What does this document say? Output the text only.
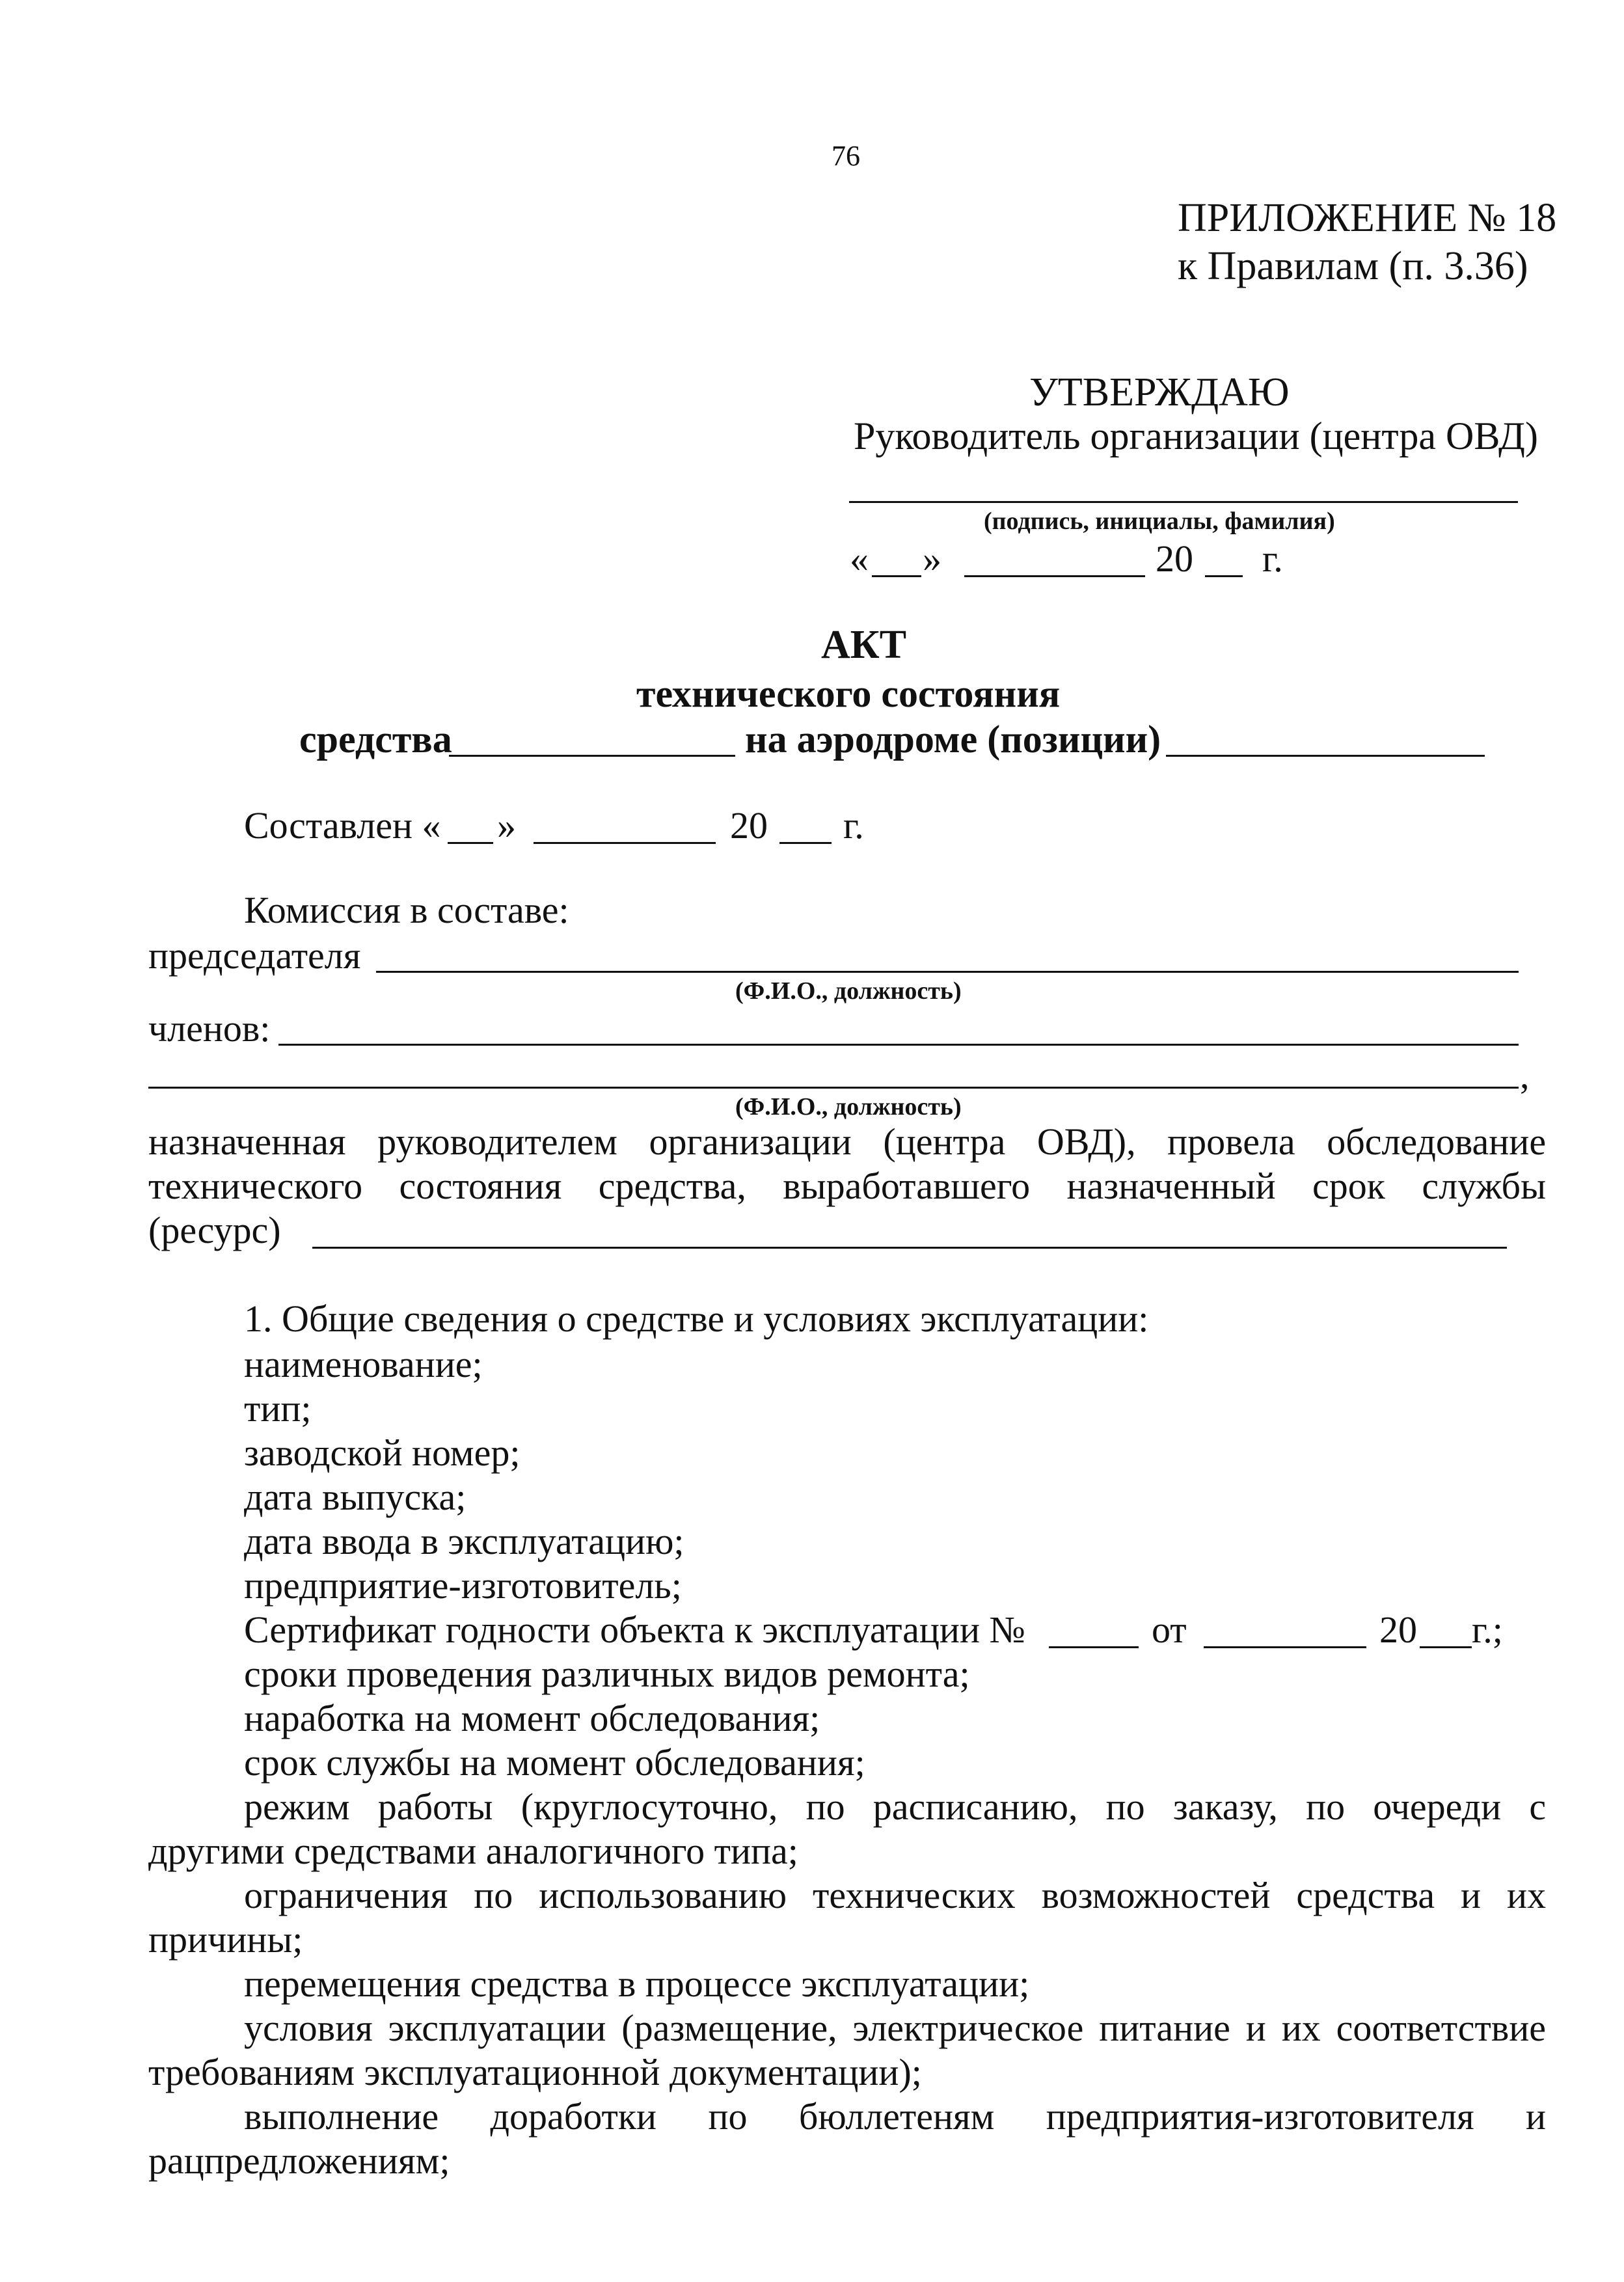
76
ПРИЛОЖЕНИЕ № 18
к Правилам (п. 3.36)
УТВЕРЖДАЮ
Руководитель организации (центра ОВД)
(подпись, инициалы, фамилия)
« »	20 г.
АКТ
технического состояния
средства	на аэродроме (позиции)
Составлен « »	20 г.
Комиссия в составе:
председателя
(Ф.И.О., должность)
членов:
,
(Ф.И.О., должность)
назначенная руководителем организации (центра ОВД), провела обследование
технического состояния средства, выработавшего назначенный срок службы
(ресурс)
1. Общие сведения о средстве и условиях эксплуатации:
наименование;
тип;
заводской номер;
дата выпуска;
дата ввода в эксплуатацию;
предприятие-изготовитель;
Сертификат годности объекта к эксплуатации №	от	20 г.;
сроки проведения различных видов ремонта;
наработка на момент обследования;
срок службы на момент обследования;
режим работы (круглосуточно, по расписанию, по заказу, по очереди с
другими средствами аналогичного типа;
ограничения по использованию технических возможностей средства и их
причины;
перемещения средства в процессе эксплуатации;
условия эксплуатации (размещение, электрическое питание и их соответствие
требованиям эксплуатационной документации);
выполнение доработки по бюллетеням предприятия-изготовителя и
рацпредложениям;
